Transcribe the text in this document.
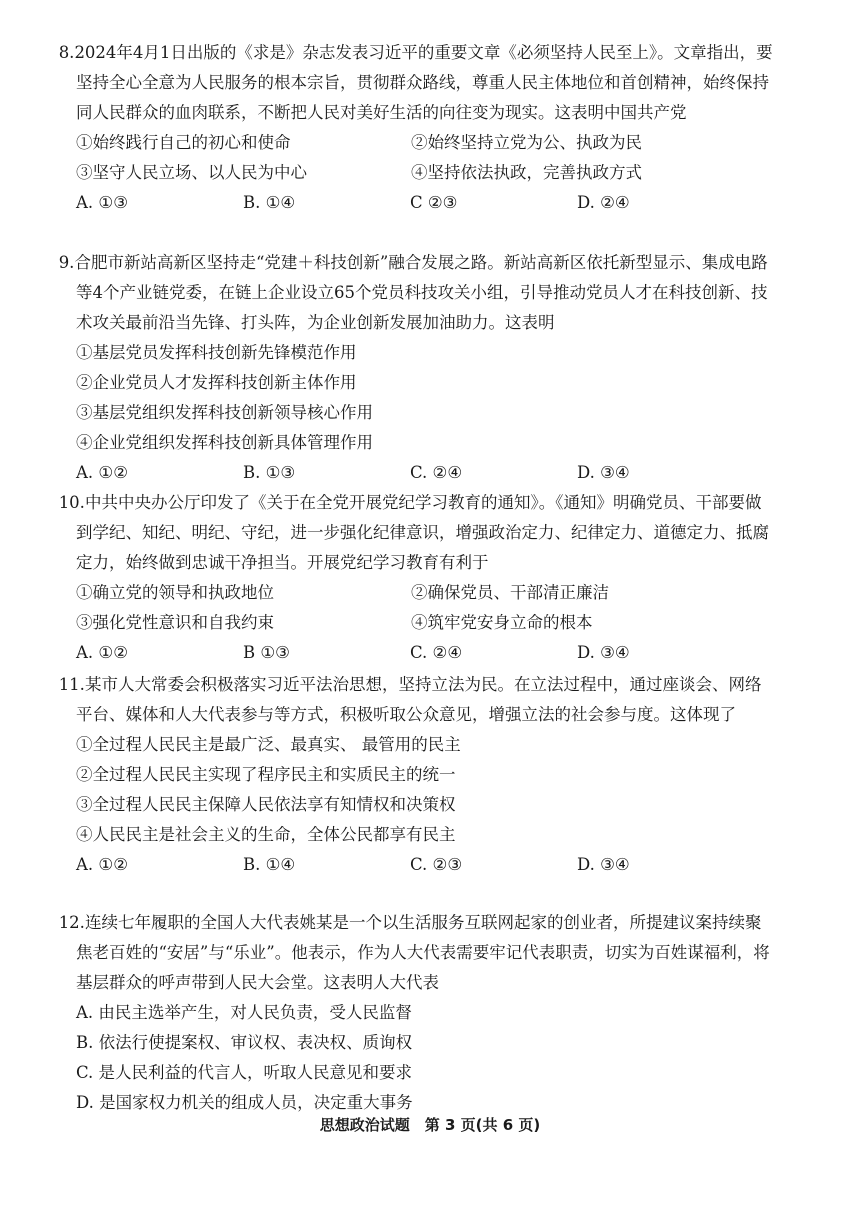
8.2024年4月1日出版的《求是》杂志发表习近平的重要文章《必须坚持人民至上》。文章指出，要坚持全心全意为人民服务的根本宗旨，贯彻群众路线，尊重人民主体地位和首创精神，始终保持同人民群众的血肉联系，不断把人民对美好生活的向往变为现实。这表明中国共产党
①始终践行自己的初心和使命	②始终坚持立党为公、执政为民
③坚守人民立场、以人民为中心	④坚持依法执政，完善执政方式
A. ①③	B. ①④	C ②③	D. ②④
9.合肥市新站高新区坚持走“党建＋科技创新”融合发展之路。新站高新区依托新型显示、集成电路等4个产业链党委，在链上企业设立65个党员科技攻关小组，引导推动党员人才在科技创新、技术攻关最前沿当先锋、打头阵，为企业创新发展加油助力。这表明
①基层党员发挥科技创新先锋模范作用
②企业党员人才发挥科技创新主体作用
③基层党组织发挥科技创新领导核心作用
④企业党组织发挥科技创新具体管理作用
A. ①②	B. ①③	C. ②④	D. ③④
10.中共中央办公厅印发了《关于在全党开展党纪学习教育的通知》。《通知》明确党员、干部要做到学纪、知纪、明纪、守纪，进一步强化纪律意识，增强政治定力、纪律定力、道德定力、抵腐定力，始终做到忠诚干净担当。开展党纪学习教育有利于
①确立党的领导和执政地位	②确保党员、干部清正廉洁
③强化党性意识和自我约束	④筑牢党安身立命的根本
A. ①②	B ①③	C. ②④	D. ③④
11.某市人大常委会积极落实习近平法治思想，坚持立法为民。在立法过程中，通过座谈会、网络平台、媒体和人大代表参与等方式，积极听取公众意见，增强立法的社会参与度。这体现了
①全过程人民民主是最广泛、最真实、 最管用的民主
②全过程人民民主实现了程序民主和实质民主的统一
③全过程人民民主保障人民依法享有知情权和决策权
④人民民主是社会主义的生命，全体公民都享有民主
A. ①②	B. ①④	C. ②③	D. ③④
12.连续七年履职的全国人大代表姚某是一个以生活服务互联网起家的创业者，所提建议案持续聚焦老百姓的“安居”与“乐业”。他表示，作为人大代表需要牢记代表职责，切实为百姓谋福利，将基层群众的呼声带到人民大会堂。这表明人大代表
A. 由民主选举产生，对人民负责，受人民监督
B. 依法行使提案权、审议权、表决权、质询权
C. 是人民利益的代言人，听取人民意见和要求
D. 是国家权力机关的组成人员，决定重大事务
思想政治试题　第 3 页(共 6 页)
